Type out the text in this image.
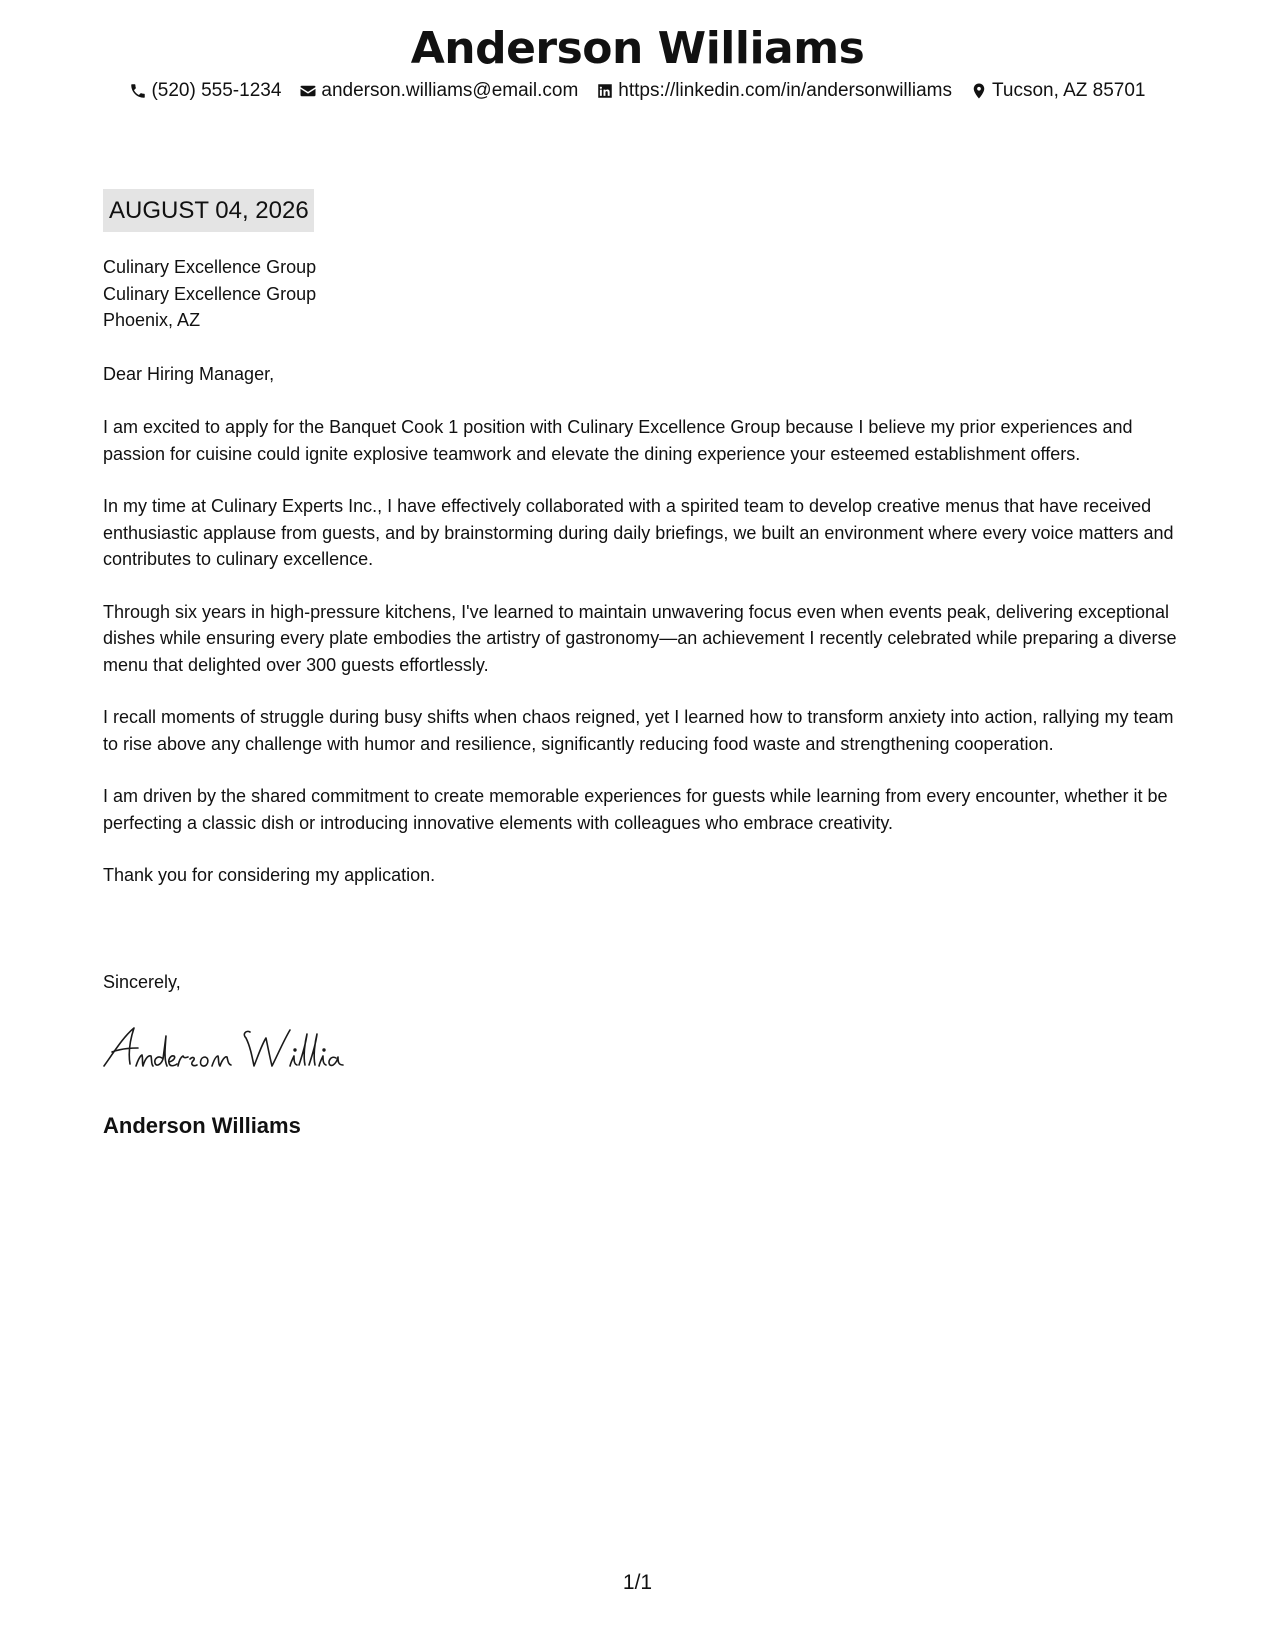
Anderson Williams
(520) 555-1234 anderson.williams@email.com https://linkedin.com/in/andersonwilliams Tucson, AZ 85701
AUGUST 04, 2026
Culinary Excellence Group
Culinary Excellence Group
Phoenix, AZ
Dear Hiring Manager,

I am excited to apply for the Banquet Cook 1 position with Culinary Excellence Group because I believe my prior experiences and passion for cuisine could ignite explosive teamwork and elevate the dining experience your esteemed establishment offers.

In my time at Culinary Experts Inc., I have effectively collaborated with a spirited team to develop creative menus that have received enthusiastic applause from guests, and by brainstorming during daily briefings, we built an environment where every voice matters and contributes to culinary excellence.

Through six years in high-pressure kitchens, I've learned to maintain unwavering focus even when events peak, delivering exceptional dishes while ensuring every plate embodies the artistry of gastronomy—an achievement I recently celebrated while preparing a diverse menu that delighted over 300 guests effortlessly.

I recall moments of struggle during busy shifts when chaos reigned, yet I learned how to transform anxiety into action, rallying my team to rise above any challenge with humor and resilience, significantly reducing food waste and strengthening cooperation.

I am driven by the shared commitment to create memorable experiences for guests while learning from every encounter, whether it be perfecting a classic dish or introducing innovative elements with colleagues who embrace creativity.

Thank you for considering my application.

Sincerely,
Anderson Williams
1/1
